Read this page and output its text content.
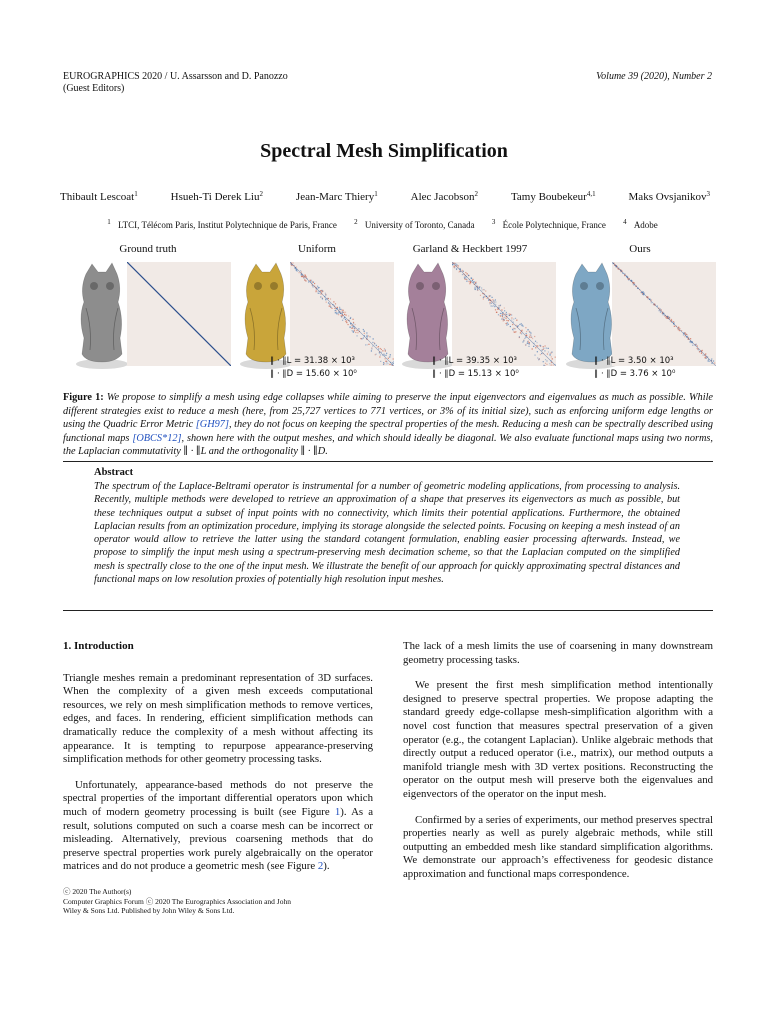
EUROGRAPHICS 2020 / U. Assarsson and D. Panozzo
(Guest Editors)
Volume 39 (2020), Number 2
Spectral Mesh Simplification
Thibault Lescoat$^1$	Hsueh-Ti Derek Liu$^2$	Jean-Marc Thiery$^1$	Alec Jacobson$^2$	Tamy Boubekeur$^{4,1}$	Maks Ovsjanikov$^3$
$^1$ LTCI, Télécom Paris, Institut Polytechnique de Paris, France $^2$ University of Toronto, Canada $^3$ École Polytechnique, France $^4$ Adobe
Ground truth	Uniform	Garland & Heckbert 1997	Ours
∥ · ∥L = 31.38 × 10³
∥ · ∥D = 15.60 × 10⁰
∥ · ∥L = 39.35 × 10³
∥ · ∥D = 15.13 × 10⁰
∥ · ∥L = 3.50 × 10³
∥ · ∥D = 3.76 × 10⁰
Figure 1: We propose to simplify a mesh using edge collapses while aiming to preserve the input eigenvectors and eigenvalues as much as possible. While different strategies exist to reduce a mesh (here, from 25,727 vertices to 771 vertices, or 3% of its initial size), such as enforcing uniform edge lengths or using the Quadric Error Metric [GH97], they do not focus on keeping the spectral properties of the mesh. Reducing a mesh can be spectrally described using functional maps [OBCS*12], shown here with the output meshes, and which should ideally be diagonal. We also evaluate functional maps using two norms, the Laplacian commutativity ∥ · ∥L and the orthogonality ∥ · ∥D.
Abstract
The spectrum of the Laplace-Beltrami operator is instrumental for a number of geometric modeling applications, from processing to analysis. Recently, multiple methods were developed to retrieve an approximation of a shape that preserves its eigenvectors as much as possible, but these techniques output a subset of input points with no connectivity, which limits their potential applications. Furthermore, the obtained Laplacian results from an optimization procedure, implying its storage alongside the selected points. Focusing on keeping a mesh instead of an operator would allow to retrieve the latter using the standard cotangent formulation, enabling easier processing afterwards. Instead, we propose to simplify the input mesh using a spectrum-preserving mesh decimation scheme, so that the Laplacian computed on the simplified mesh is spectrally close to the one of the input mesh. We illustrate the benefit of our approach for quickly approximating spectral distances and functional maps on low resolution proxies of potentially high resolution input meshes.
1. Introduction

Triangle meshes remain a predominant representation of 3D surfaces. When the complexity of a given mesh exceeds computational resources, we rely on mesh simplification methods to remove vertices, edges, and faces. In rendering, efficient simplification methods can dramatically reduce the complexity of a mesh without affecting its appearance. It is tempting to repurpose appearance-preserving simplification methods for other geometry processing tasks.

Unfortunately, appearance-based methods do not preserve the spectral properties of the important differential operators upon which much of modern geometry processing is built (see Figure 1). As a result, solutions computed on such a coarse mesh can be incorrect or misleading. Alternatively, previous coarsening methods that do preserve spectral properties work purely algebraically on the operator matrices and do not produce a geometric mesh (see Figure 2).

The lack of a mesh limits the use of coarsening in many downstream geometry processing tasks.

We present the first mesh simplification method intentionally designed to preserve spectral properties. We propose adapting the standard greedy edge-collapse mesh-simplification algorithm with a novel cost function that measures spectral preservation of a given operator (e.g., the cotangent Laplacian). Unlike algebraic methods that directly output a reduced operator (i.e., matrix), our method outputs a manifold triangle mesh with 3D vertex positions. Reconstructing the operator on the output mesh will preserve both the eigenvalues and eigenvectors of the operator on the input mesh.

Confirmed by a series of experiments, our method preserves spectral properties nearly as well as purely algebraic methods, while still outputting an embedded mesh like standard simplification algorithms. We demonstrate our approach’s effectiveness for geodesic distance approximation and functional maps correspondence.

ⓒ 2020 The Author(s)
Computer Graphics Forum ⓒ 2020 The Eurographics Association and John
Wiley & Sons Ltd. Published by John Wiley & Sons Ltd.
